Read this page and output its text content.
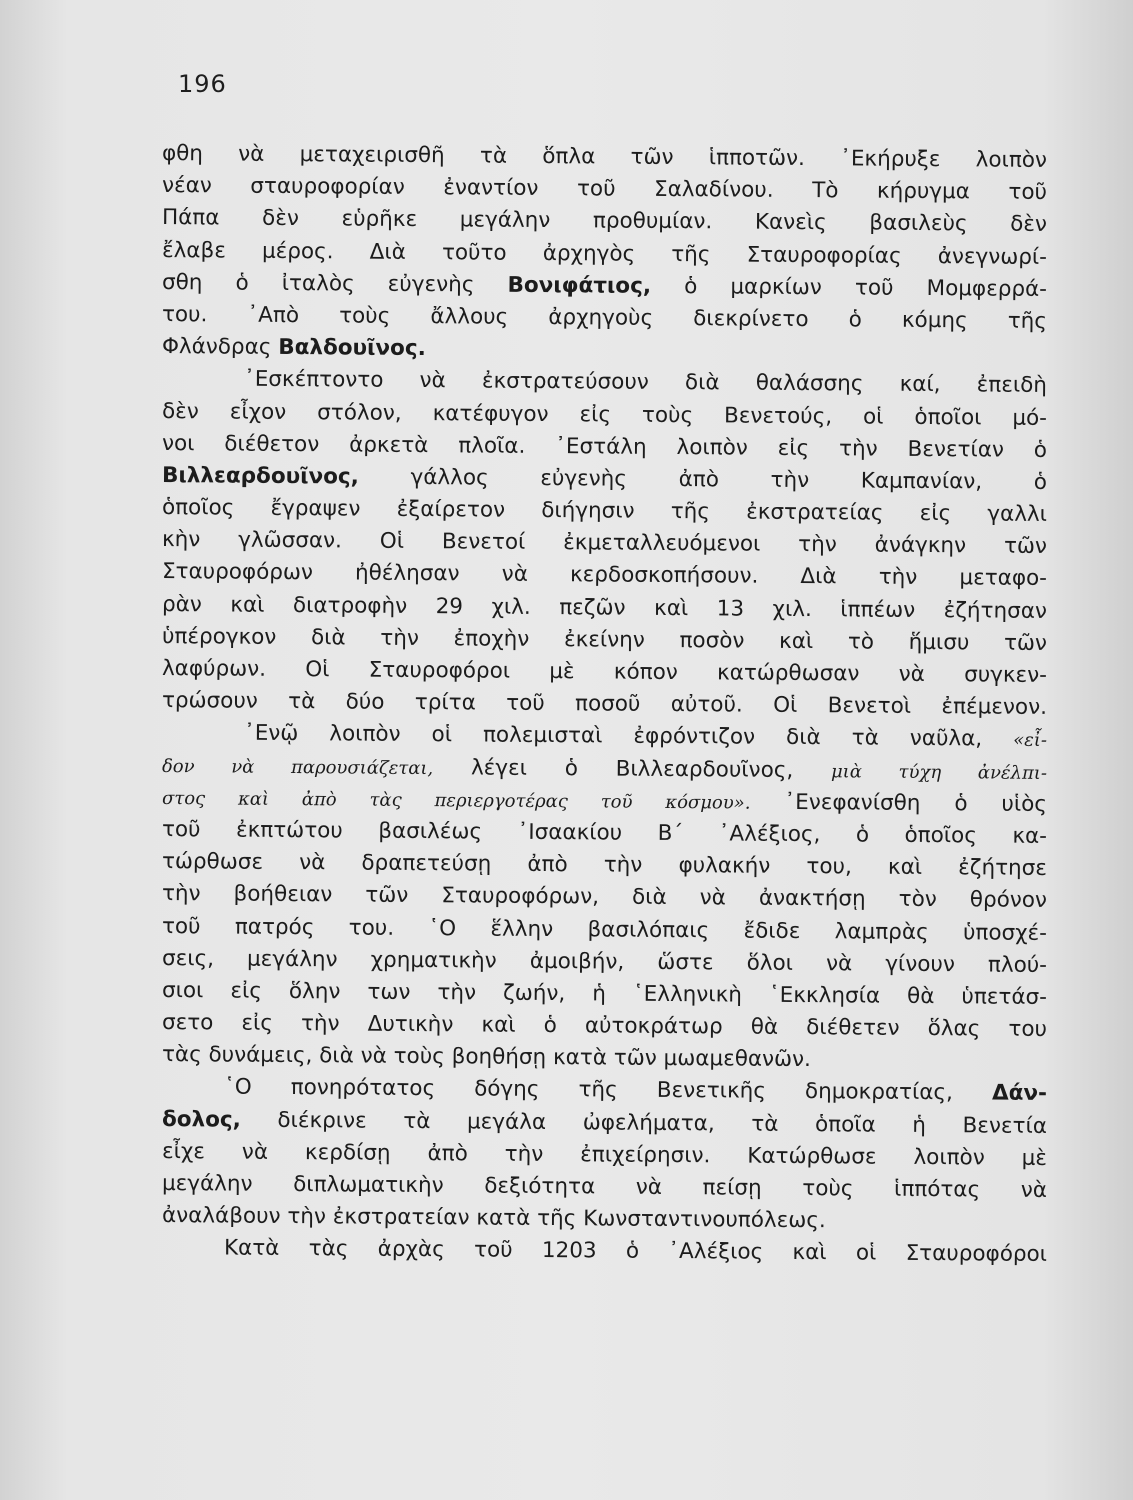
196
φθη νὰ μεταχειρισθῆ τὰ ὅπλα τῶν ἱπποτῶν. ᾿Εκήρυξε λοιπὸν
νέαν σταυροφορίαν ἐναντίον τοῦ Σαλαδίνου. Τὸ κήρυγμα τοῦ
Πάπα δὲν εὑρῆκε μεγάλην προθυμίαν. Κανεὶς βασιλεὺς δὲν
ἔλαβε μέρος. Διὰ τοῦτο ἀρχηγὸς τῆς Σταυροφορίας ἀνεγνωρί-
σθη ὁ ἰταλὸς εὐγενὴς Βονιφάτιος, ὁ μαρκίων τοῦ Μομφερρά-
του. ᾿Απὸ τοὺς ἄλλους ἀρχηγοὺς διεκρίνετο ὁ κόμης τῆς
Φλάνδρας Βαλδουῖνος.
᾿Εσκέπτοντο νὰ ἐκστρατεύσουν διὰ θαλάσσης καί, ἐπειδὴ
δὲν εἶχον στόλον, κατέφυγον εἰς τοὺς Βενετούς, οἱ ὁποῖοι μό-
νοι διέθετον ἀρκετὰ πλοῖα. ᾿Εστάλη λοιπὸν εἰς τὴν Βενετίαν ὁ
Βιλλεαρδουῖνος, γάλλος εὐγενὴς ἀπὸ τὴν Καμπανίαν, ὁ
ὁποῖος ἔγραψεν ἐξαίρετον διήγησιν τῆς ἐκστρατείας εἰς γαλλι
κὴν γλῶσσαν. Οἱ Βενετοί ἐκμεταλλευόμενοι τὴν ἀνάγκην τῶν
Σταυροφόρων ἠθέλησαν νὰ κερδοσκοπήσουν. Διὰ τὴν μεταφο-
ρὰν καὶ διατροφὴν 29 χιλ. πεζῶν καὶ 13 χιλ. ἱππέων ἐζήτησαν
ὑπέρογκον διὰ τὴν ἐποχὴν ἐκείνην ποσὸν καὶ τὸ ἥμισυ τῶν
λαφύρων. Οἱ Σταυροφόροι μὲ κόπον κατώρθωσαν νὰ συγκεν-
τρώσουν τὰ δύο τρίτα τοῦ ποσοῦ αὐτοῦ. Οἱ Βενετοὶ ἐπέμενον.
᾿Ενῷ λοιπὸν οἱ πολεμισταὶ ἐφρόντιζον διὰ τὰ ναῦλα, «εἶ-
δον νὰ παρουσιάζεται, λέγει ὁ Βιλλεαρδουῖνος, μιὰ τύχη ἀνέλπι-
στος καὶ ἀπὸ τὰς περιεργοτέρας τοῦ κόσμου». ᾿Ενεφανίσθη ὁ υἱὸς
τοῦ ἐκπτώτου βασιλέως ᾿Ισαακίου Β΄ ᾿Αλέξιος, ὁ ὁποῖος κα-
τώρθωσε νὰ δραπετεύσῃ ἀπὸ τὴν φυλακήν του, καὶ ἐζήτησε
τὴν βοήθειαν τῶν Σταυροφόρων, διὰ νὰ ἀνακτήσῃ τὸν θρόνον
τοῦ πατρός του. ῾Ο ἕλλην βασιλόπαις ἔδιδε λαμπρὰς ὑποσχέ-
σεις, μεγάλην χρηματικὴν ἀμοιβήν, ὥστε ὅλοι νὰ γίνουν πλού-
σιοι εἰς ὅλην των τὴν ζωήν, ἡ ῾Ελληνικὴ ῾Εκκλησία θὰ ὑπετάσ-
σετο εἰς τὴν Δυτικὴν καὶ ὁ αὐτοκράτωρ θὰ διέθετεν ὅλας του
τὰς δυνάμεις, διὰ νὰ τοὺς βοηθήσῃ κατὰ τῶν μωαμεθανῶν.
῾Ο πονηρότατος δόγης τῆς Βενετικῆς δημοκρατίας, Δάν-
δολος, διέκρινε τὰ μεγάλα ὠφελήματα, τὰ ὁποῖα ἡ Βενετία
εἶχε νὰ κερδίσῃ ἀπὸ τὴν ἐπιχείρησιν. Κατώρθωσε λοιπὸν μὲ
μεγάλην διπλωματικὴν δεξιότητα νὰ πείσῃ τοὺς ἱππότας νὰ
ἀναλάβουν τὴν ἐκστρατείαν κατὰ τῆς Κωνσταντινουπόλεως.
Κατὰ τὰς ἀρχὰς τοῦ 1203 ὁ ᾿Αλέξιος καὶ οἱ Σταυροφόροι
